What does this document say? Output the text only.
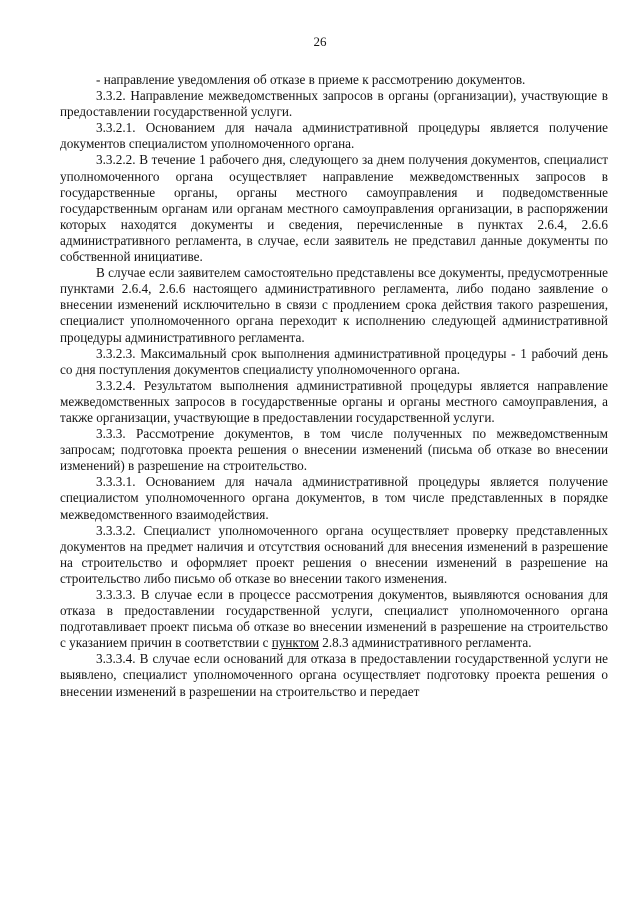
26

- направление уведомления об отказе в приеме к рассмотрению документов.

3.3.2. Направление межведомственных запросов в органы (организации), участвующие в предоставлении государственной услуги.

3.3.2.1. Основанием для начала административной процедуры является получение документов специалистом уполномоченного органа.

3.3.2.2. В течение 1 рабочего дня, следующего за днем получения документов, специалист уполномоченного органа осуществляет направление межведомственных запросов в государственные органы, органы местного самоуправления и подведомственные государственным органам или органам местного самоуправления организации, в распоряжении которых находятся документы и сведения, перечисленные в пунктах 2.6.4, 2.6.6 административного регламента, в случае, если заявитель не представил данные документы по собственной инициативе.

В случае если заявителем самостоятельно представлены все документы, предусмотренные пунктами 2.6.4, 2.6.6 настоящего административного регламента, либо подано заявление о внесении изменений исключительно в связи с продлением срока действия такого разрешения, специалист уполномоченного органа переходит к исполнению следующей административной процедуры административного регламента.

3.3.2.3. Максимальный срок выполнения административной процедуры - 1 рабочий день со дня поступления документов специалисту уполномоченного органа.

3.3.2.4. Результатом выполнения административной процедуры является направление межведомственных запросов в государственные органы и органы местного самоуправления, а также организации, участвующие в предоставлении государственной услуги.

3.3.3. Рассмотрение документов, в том числе полученных по межведомственным запросам; подготовка проекта решения о внесении изменений (письма об отказе во внесении изменений) в разрешение на строительство.

3.3.3.1. Основанием для начала административной процедуры является получение специалистом уполномоченного органа документов, в том числе представленных в порядке межведомственного взаимодействия.

3.3.3.2. Специалист уполномоченного органа осуществляет проверку представленных документов на предмет наличия и отсутствия оснований для внесения изменений в разрешение на строительство и оформляет проект решения о внесении изменений в разрешение на строительство либо письмо об отказе во внесении такого изменения.

3.3.3.3. В случае если в процессе рассмотрения документов, выявляются основания для отказа в предоставлении государственной услуги, специалист уполномоченного органа подготавливает проект письма об отказе во внесении изменений в разрешение на строительство с указанием причин в соответствии с пунктом 2.8.3 административного регламента.

3.3.3.4. В случае если оснований для отказа в предоставлении государственной услуги не выявлено, специалист уполномоченного органа осуществляет подготовку проекта решения о внесении изменений в разрешении на строительство и передает
